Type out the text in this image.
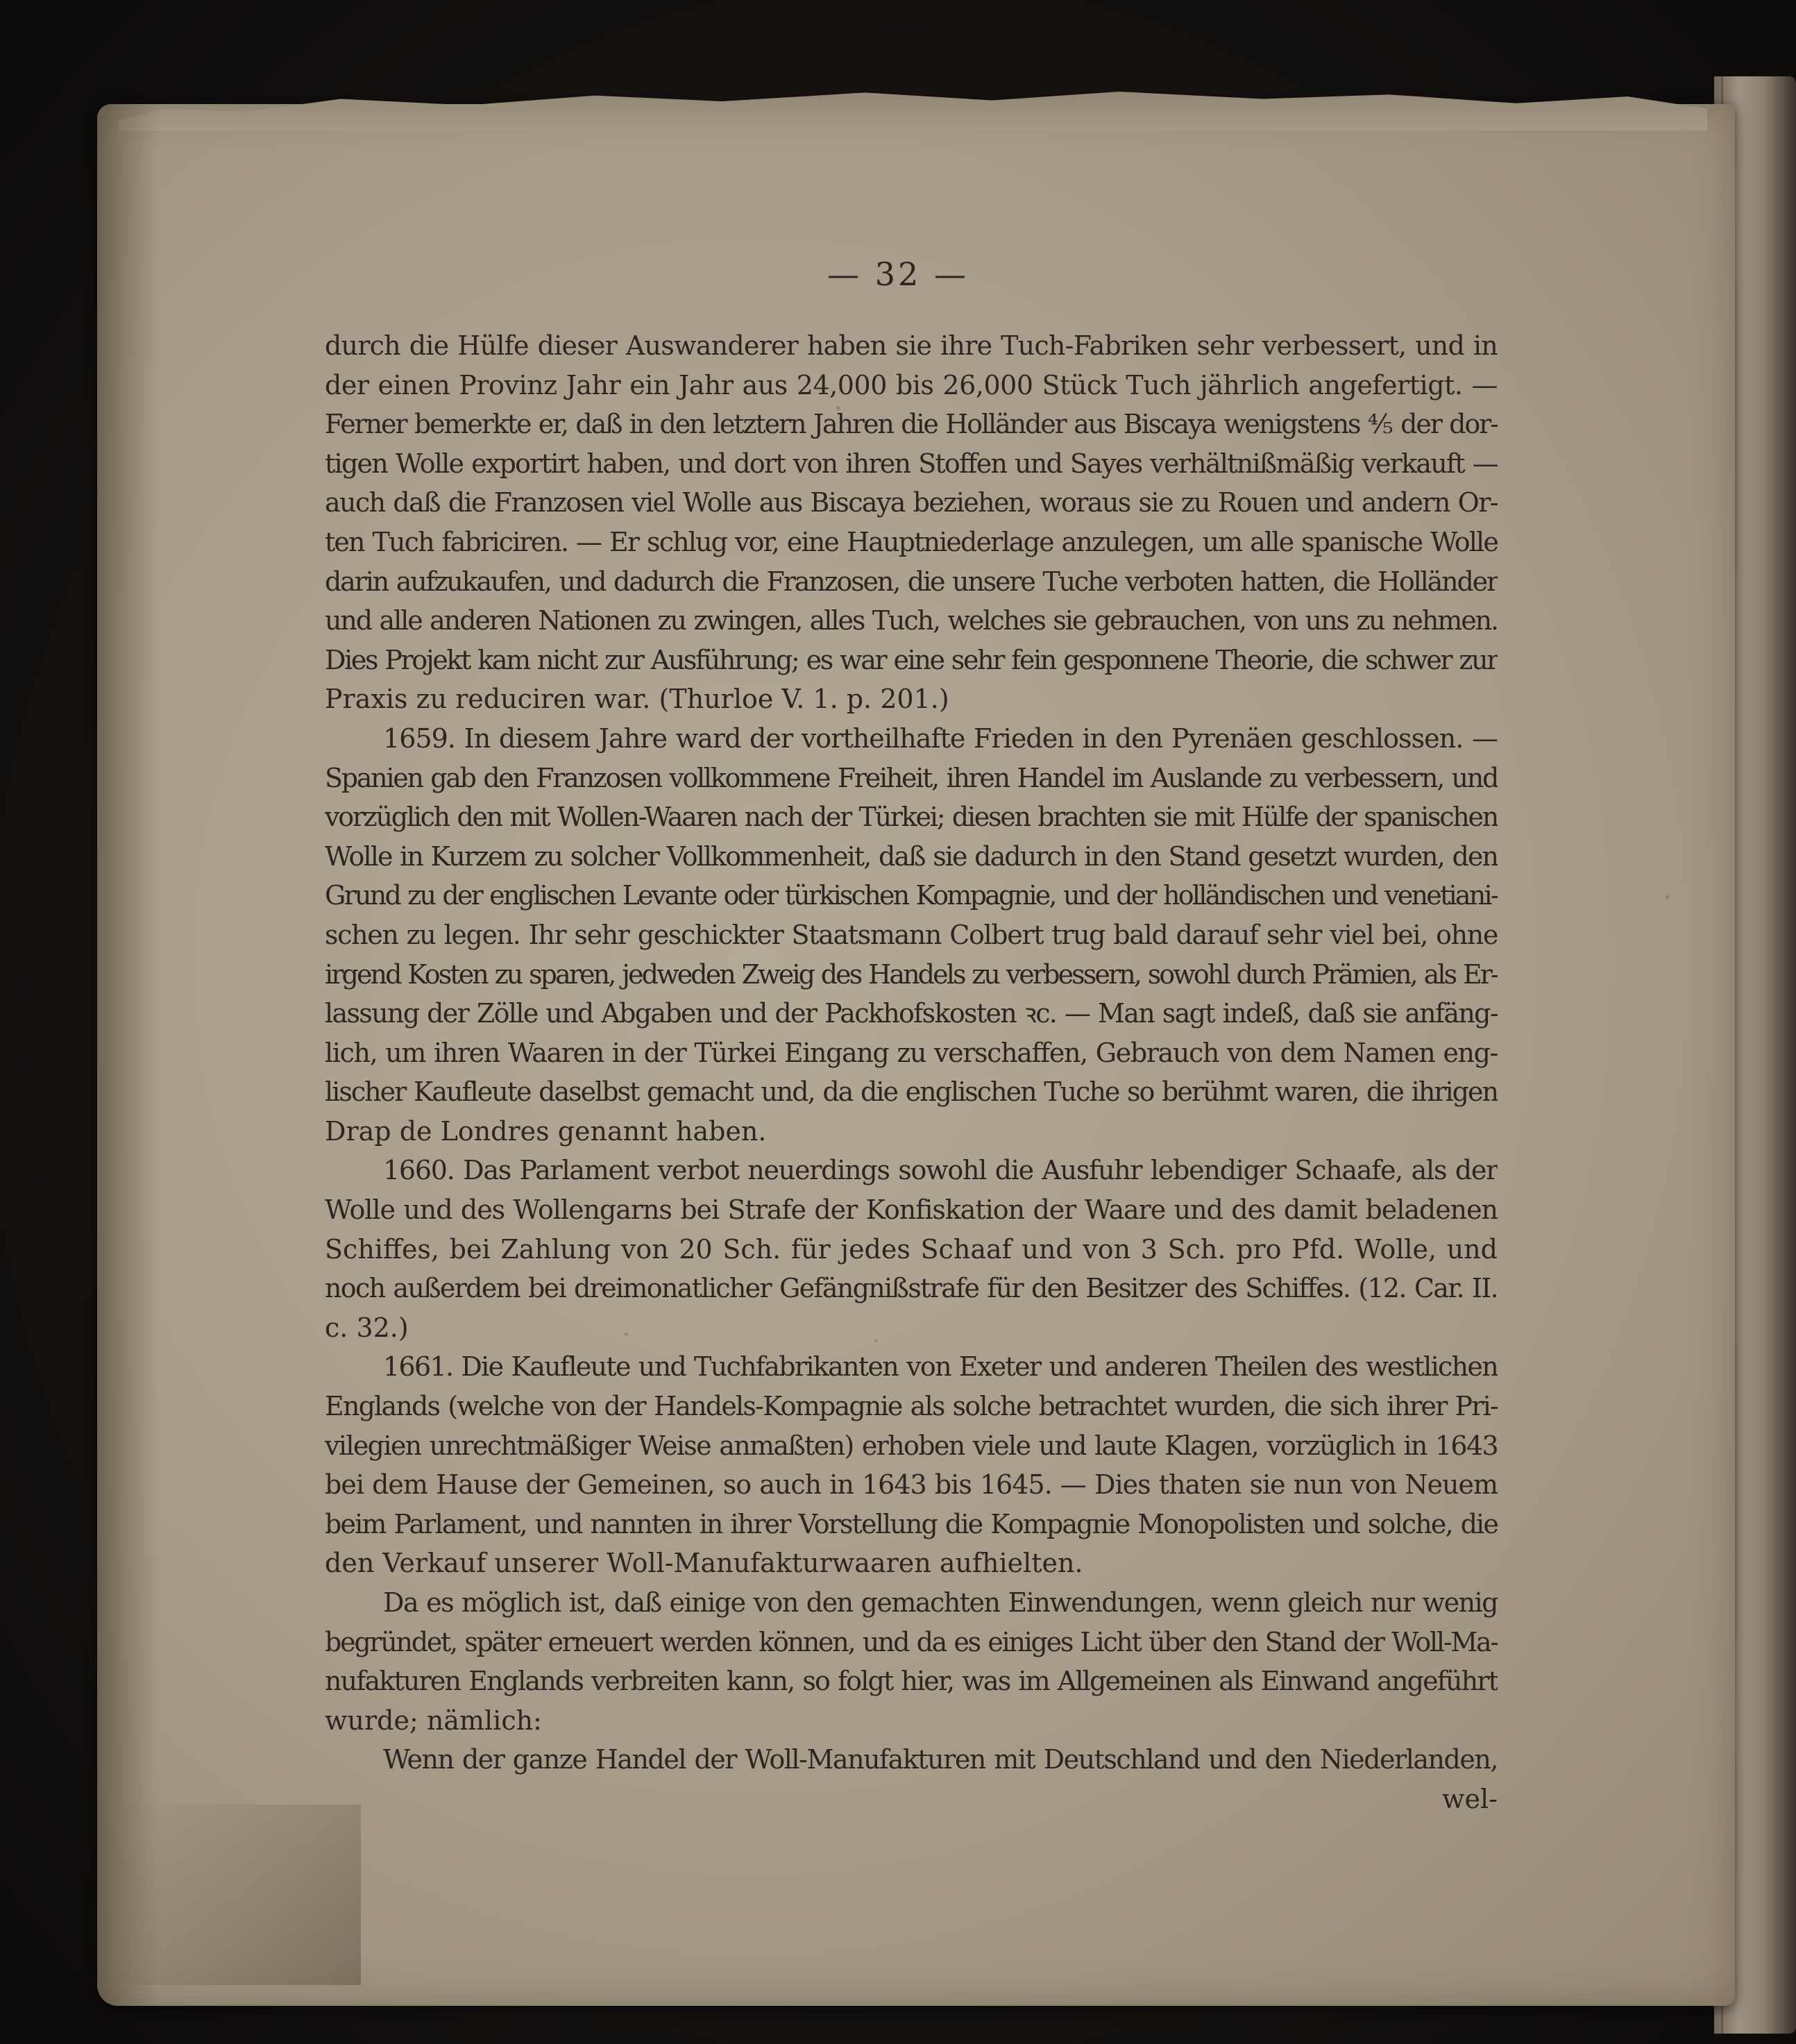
— 32 —
durch die Hülfe dieser Auswanderer haben sie ihre Tuch-Fabriken sehr verbessert, und in
der einen Provinz Jahr ein Jahr aus 24,000 bis 26,000 Stück Tuch jährlich angefertigt. —
Ferner bemerkte er, daß in den letztern Jahren die Holländer aus Biscaya wenigstens ⅘ der dor-
tigen Wolle exportirt haben, und dort von ihren Stoffen und Sayes verhältnißmäßig verkauft —
auch daß die Franzosen viel Wolle aus Biscaya beziehen, woraus sie zu Rouen und andern Or-
ten Tuch fabriciren. — Er schlug vor, eine Hauptniederlage anzulegen, um alle spanische Wolle
darin aufzukaufen, und dadurch die Franzosen, die unsere Tuche verboten hatten, die Holländer
und alle anderen Nationen zu zwingen, alles Tuch, welches sie gebrauchen, von uns zu nehmen.
Dies Projekt kam nicht zur Ausführung; es war eine sehr fein gesponnene Theorie, die schwer zur
Praxis zu reduciren war. (Thurloe V. 1. p. 201.)
1659. In diesem Jahre ward der vortheilhafte Frieden in den Pyrenäen geschlossen. —
Spanien gab den Franzosen vollkommene Freiheit, ihren Handel im Auslande zu verbessern, und
vorzüglich den mit Wollen-Waaren nach der Türkei; diesen brachten sie mit Hülfe der spanischen
Wolle in Kurzem zu solcher Vollkommenheit, daß sie dadurch in den Stand gesetzt wurden, den
Grund zu der englischen Levante oder türkischen Kompagnie, und der holländischen und venetiani-
schen zu legen. Ihr sehr geschickter Staatsmann Colbert trug bald darauf sehr viel bei, ohne
irgend Kosten zu sparen, jedweden Zweig des Handels zu verbessern, sowohl durch Prämien, als Er-
lassung der Zölle und Abgaben und der Packhofskosten ꝛc. — Man sagt indeß, daß sie anfäng-
lich, um ihren Waaren in der Türkei Eingang zu verschaffen, Gebrauch von dem Namen eng-
lischer Kaufleute daselbst gemacht und, da die englischen Tuche so berühmt waren, die ihrigen
Drap de Londres genannt haben.
1660. Das Parlament verbot neuerdings sowohl die Ausfuhr lebendiger Schaafe, als der
Wolle und des Wollengarns bei Strafe der Konfiskation der Waare und des damit beladenen
Schiffes, bei Zahlung von 20 Sch. für jedes Schaaf und von 3 Sch. pro Pfd. Wolle, und
noch außerdem bei dreimonatlicher Gefängnißstrafe für den Besitzer des Schiffes. (12. Car. II.
c. 32.)
1661. Die Kaufleute und Tuchfabrikanten von Exeter und anderen Theilen des westlichen
Englands (welche von der Handels-Kompagnie als solche betrachtet wurden, die sich ihrer Pri-
vilegien unrechtmäßiger Weise anmaßten) erhoben viele und laute Klagen, vorzüglich in 1643
bei dem Hause der Gemeinen, so auch in 1643 bis 1645. — Dies thaten sie nun von Neuem
beim Parlament, und nannten in ihrer Vorstellung die Kompagnie Monopolisten und solche, die
den Verkauf unserer Woll-Manufakturwaaren aufhielten.
Da es möglich ist, daß einige von den gemachten Einwendungen, wenn gleich nur wenig
begründet, später erneuert werden können, und da es einiges Licht über den Stand der Woll-Ma-
nufakturen Englands verbreiten kann, so folgt hier, was im Allgemeinen als Einwand angeführt
wurde; nämlich:
Wenn der ganze Handel der Woll-Manufakturen mit Deutschland und den Niederlanden,
wel-
